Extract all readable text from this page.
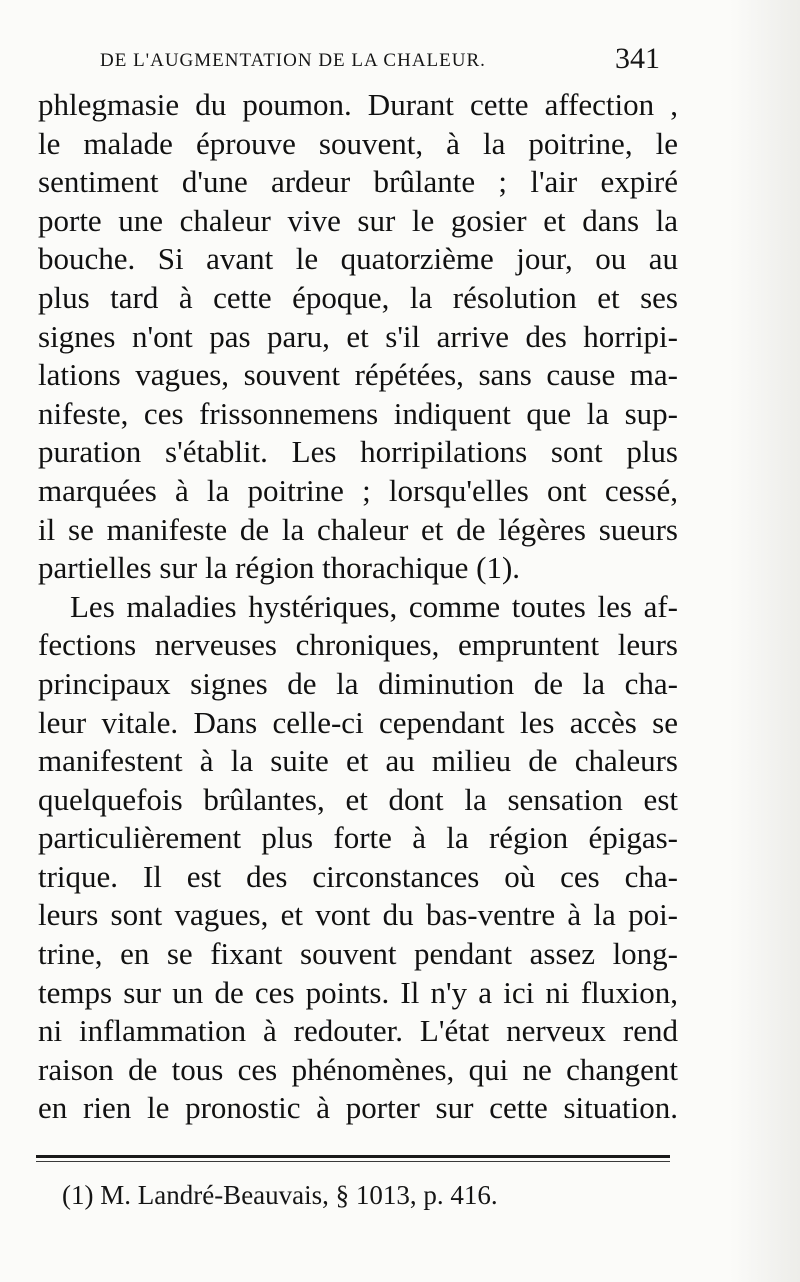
DE L'AUGMENTATION DE LA CHALEUR.	341
phlegmasie du poumon. Durant cette affection ,
le malade éprouve souvent, à la poitrine, le
sentiment d'une ardeur brûlante ; l'air expiré
porte une chaleur vive sur le gosier et dans la
bouche. Si avant le quatorzième jour, ou au
plus tard à cette époque, la résolution et ses
signes n'ont pas paru, et s'il arrive des horripi-
lations vagues, souvent répétées, sans cause ma-
nifeste, ces frissonnemens indiquent que la sup-
puration s'établit. Les horripilations sont plus
marquées à la poitrine ; lorsqu'elles ont cessé,
il se manifeste de la chaleur et de légères sueurs
partielles sur la région thorachique (1).
Les maladies hystériques, comme toutes les af-
fections nerveuses chroniques, empruntent leurs
principaux signes de la diminution de la cha-
leur vitale. Dans celle-ci cependant les accès se
manifestent à la suite et au milieu de chaleurs
quelquefois brûlantes, et dont la sensation est
particulièrement plus forte à la région épigas-
trique. Il est des circonstances où ces cha-
leurs sont vagues, et vont du bas-ventre à la poi-
trine, en se fixant souvent pendant assez long-
temps sur un de ces points. Il n'y a ici ni fluxion,
ni inflammation à redouter. L'état nerveux rend
raison de tous ces phénomènes, qui ne changent
en rien le pronostic à porter sur cette situation.
(1) M. Landré-Beauvais, § 1013, p. 416.
